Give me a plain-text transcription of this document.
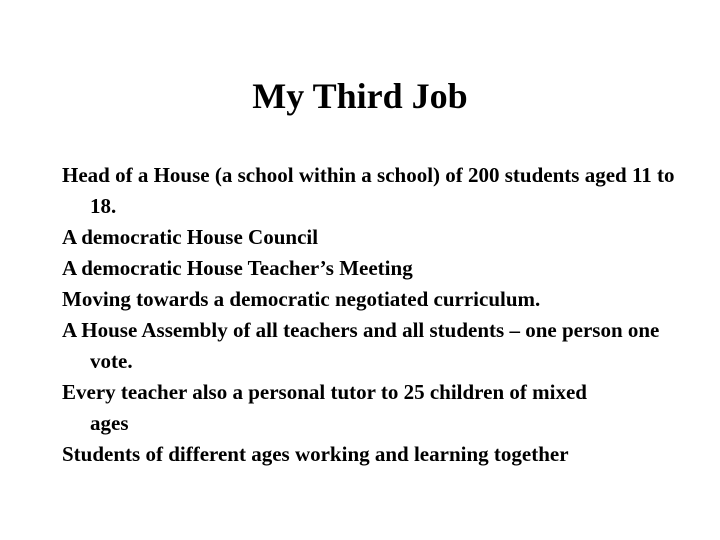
My Third Job
Head of a House (a school within a school) of 200 students aged 11 to 18.
A democratic House Council
A democratic House Teacher’s Meeting
Moving towards a democratic negotiated curriculum.
A House Assembly of all teachers and all students – one person one vote.
Every teacher also a personal tutor to 25 children of mixed ages
Students of different ages working and learning together
